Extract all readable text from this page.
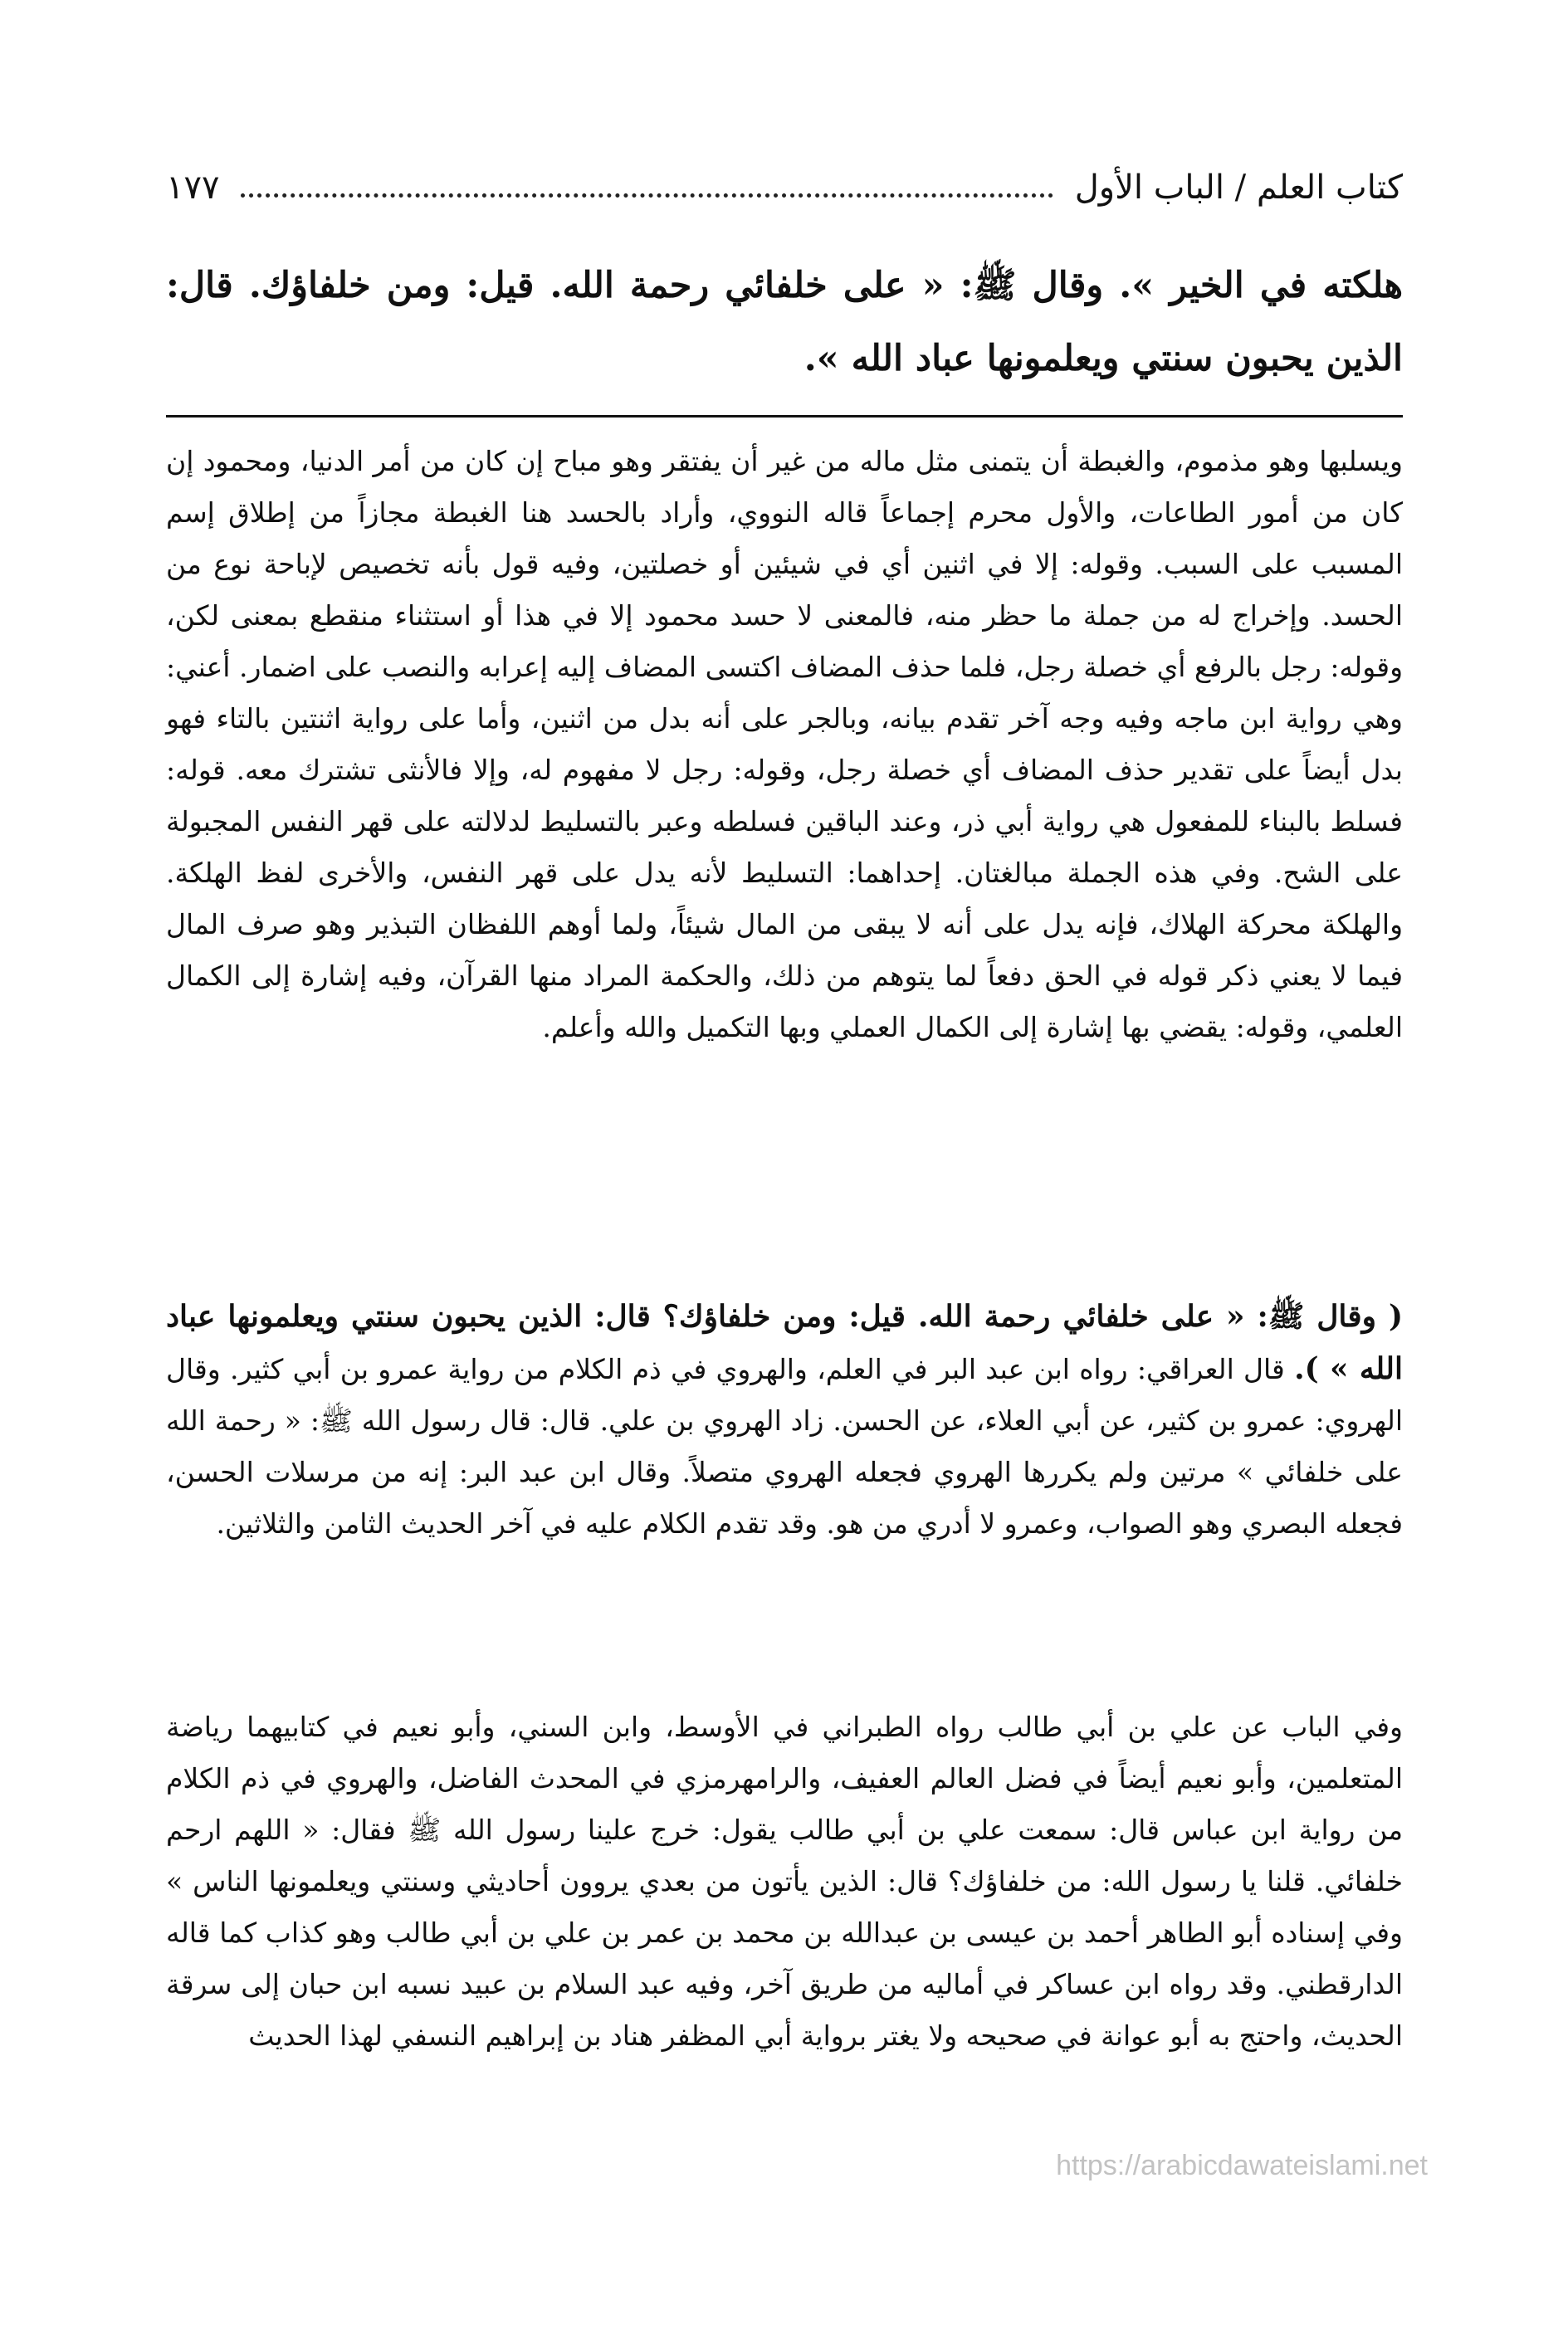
كتاب العلم / الباب الأول
١٧٧
هلكته في الخير ». وقال ﷺ: « على خلفائي رحمة الله. قيل: ومن خلفاؤك. قال: الذين يحبون سنتي ويعلمونها عباد الله ».
ويسلبها وهو مذموم، والغبطة أن يتمنى مثل ماله من غير أن يفتقر وهو مباح إن كان من أمر الدنيا، ومحمود إن كان من أمور الطاعات، والأول محرم إجماعاً قاله النووي، وأراد بالحسد هنا الغبطة مجازاً من إطلاق إسم المسبب على السبب. وقوله: إلا في اثنين أي في شيئين أو خصلتين، وفيه قول بأنه تخصيص لإباحة نوع من الحسد. وإخراج له من جملة ما حظر منه، فالمعنى لا حسد محمود إلا في هذا أو استثناء منقطع بمعنى لكن، وقوله: رجل بالرفع أي خصلة رجل، فلما حذف المضاف اكتسى المضاف إليه إعرابه والنصب على اضمار. أعني: وهي رواية ابن ماجه وفيه وجه آخر تقدم بيانه، وبالجر على أنه بدل من اثنين، وأما على رواية اثنتين بالتاء فهو بدل أيضاً على تقدير حذف المضاف أي خصلة رجل، وقوله: رجل لا مفهوم له، وإلا فالأنثى تشترك معه. قوله: فسلط بالبناء للمفعول هي رواية أبي ذر، وعند الباقين فسلطه وعبر بالتسليط لدلالته على قهر النفس المجبولة على الشح. وفي هذه الجملة مبالغتان. إحداهما: التسليط لأنه يدل على قهر النفس، والأخرى لفظ الهلكة. والهلكة محركة الهلاك، فإنه يدل على أنه لا يبقى من المال شيئاً، ولما أوهم اللفظان التبذير وهو صرف المال فيما لا يعني ذكر قوله في الحق دفعاً لما يتوهم من ذلك، والحكمة المراد منها القرآن، وفيه إشارة إلى الكمال العلمي، وقوله: يقضي بها إشارة إلى الكمال العملي وبها التكميل والله وأعلم.
( وقال ﷺ: « على خلفائي رحمة الله. قيل: ومن خلفاؤك؟ قال: الذين يحبون سنتي ويعلمونها عباد الله » ). قال العراقي: رواه ابن عبد البر في العلم، والهروي في ذم الكلام من رواية عمرو بن أبي كثير. وقال الهروي: عمرو بن كثير، عن أبي العلاء، عن الحسن. زاد الهروي بن علي. قال: قال رسول الله ﷺ: « رحمة الله على خلفائي » مرتين ولم يكررها الهروي فجعله الهروي متصلاً. وقال ابن عبد البر: إنه من مرسلات الحسن، فجعله البصري وهو الصواب، وعمرو لا أدري من هو. وقد تقدم الكلام عليه في آخر الحديث الثامن والثلاثين.
وفي الباب عن علي بن أبي طالب رواه الطبراني في الأوسط، وابن السني، وأبو نعيم في كتابيهما رياضة المتعلمين، وأبو نعيم أيضاً في فضل العالم العفيف، والرامهرمزي في المحدث الفاضل، والهروي في ذم الكلام من رواية ابن عباس قال: سمعت علي بن أبي طالب يقول: خرج علينا رسول الله ﷺ فقال: « اللهم ارحم خلفائي. قلنا يا رسول الله: من خلفاؤك؟ قال: الذين يأتون من بعدي يروون أحاديثي وسنتي ويعلمونها الناس » وفي إسناده أبو الطاهر أحمد بن عيسى بن عبدالله بن محمد بن عمر بن علي بن أبي طالب وهو كذاب كما قاله الدارقطني. وقد رواه ابن عساكر في أماليه من طريق آخر، وفيه عبد السلام بن عبيد نسبه ابن حبان إلى سرقة الحديث، واحتج به أبو عوانة في صحيحه ولا يغتر برواية أبي المظفر هناد بن إبراهيم النسفي لهذا الحديث
https://arabicdawateislami.net
